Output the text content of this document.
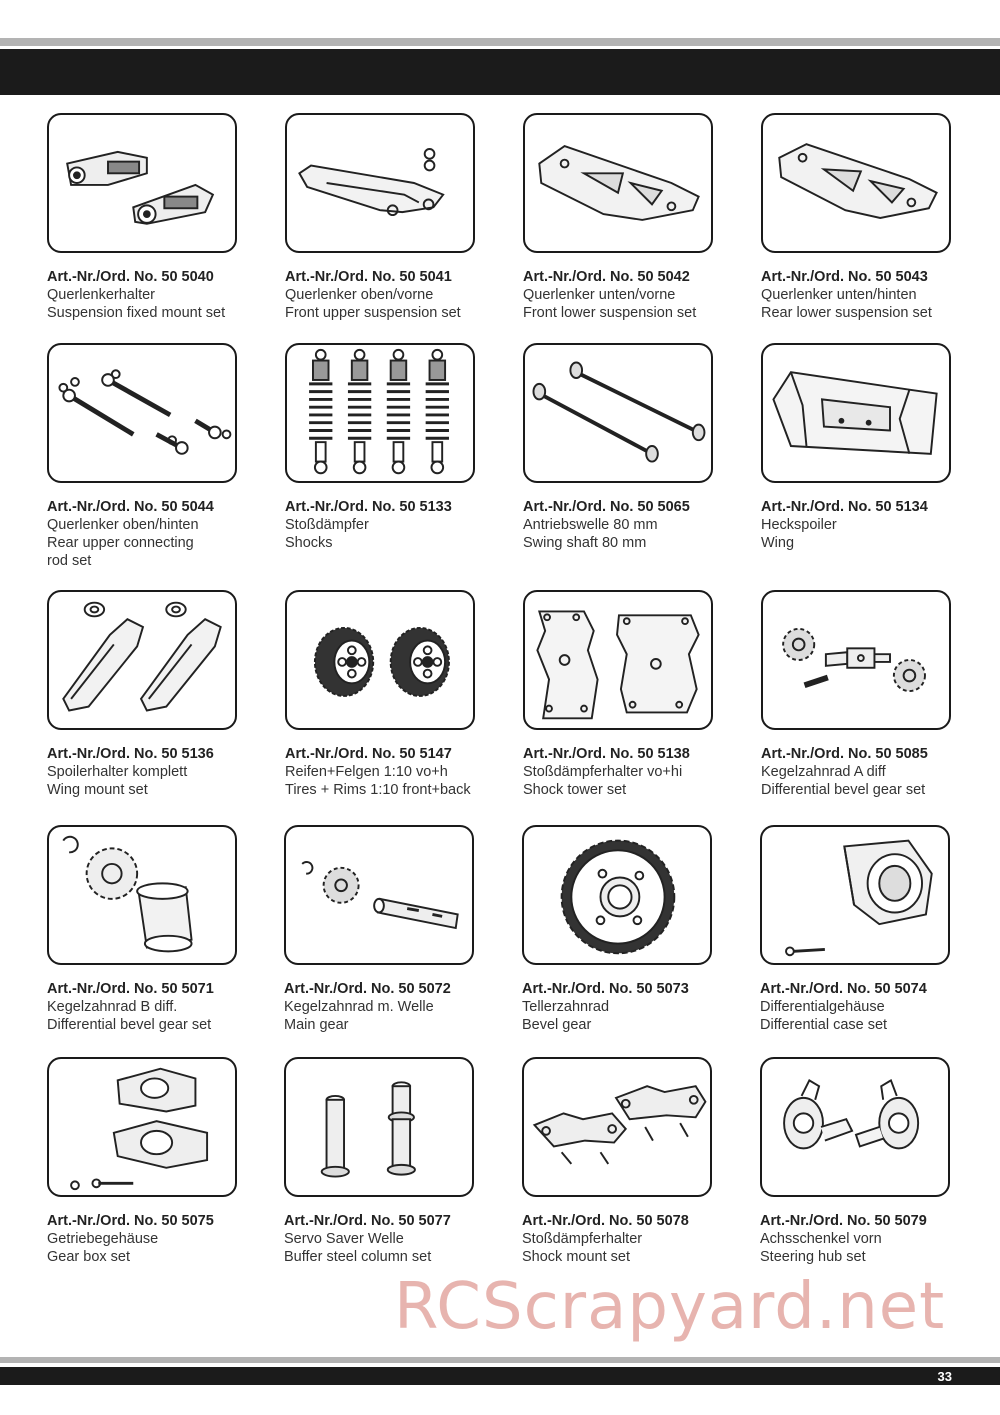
Art.-Nr./Ord. No. 50 5040
Querlenkerhalter
Suspension fixed mount set
Art.-Nr./Ord. No. 50 5041
Querlenker oben/vorne
Front upper suspension set
Art.-Nr./Ord. No. 50 5042
Querlenker unten/vorne
Front lower suspension set
Art.-Nr./Ord. No. 50 5043
Querlenker unten/hinten
Rear lower suspension set
Art.-Nr./Ord. No. 50 5044
Querlenker oben/hinten
Rear upper connecting
rod set
Art.-Nr./Ord. No. 50 5133
Stoßdämpfer
Shocks
Art.-Nr./Ord. No. 50 5065
Antriebswelle 80 mm
Swing shaft 80 mm
Art.-Nr./Ord. No. 50 5134
Heckspoiler
Wing
Art.-Nr./Ord. No. 50 5136
Spoilerhalter komplett
Wing mount set
Art.-Nr./Ord. No. 50 5147
Reifen+Felgen 1:10 vo+h
Tires + Rims 1:10 front+back
Art.-Nr./Ord. No. 50 5138
Stoßdämpferhalter vo+hi
Shock tower set
Art.-Nr./Ord. No. 50 5085
Kegelzahnrad A diff
Differential bevel gear set
Art.-Nr./Ord. No. 50 5071
Kegelzahnrad B diff.
Differential bevel gear set
Art.-Nr./Ord. No. 50 5072
Kegelzahnrad m. Welle
Main gear
Art.-Nr./Ord. No. 50 5073
Tellerzahnrad
Bevel gear
Art.-Nr./Ord. No. 50 5074
Differentialgehäuse
Differential case set
Art.-Nr./Ord. No. 50 5075
Getriebegehäuse
Gear box set
Art.-Nr./Ord. No. 50 5077
Servo Saver Welle
Buffer steel column set
Art.-Nr./Ord. No. 50 5078
Stoßdämpferhalter
Shock mount set
Art.-Nr./Ord. No. 50 5079
Achsschenkel vorn
Steering hub set
RCScrapyard.net
33
